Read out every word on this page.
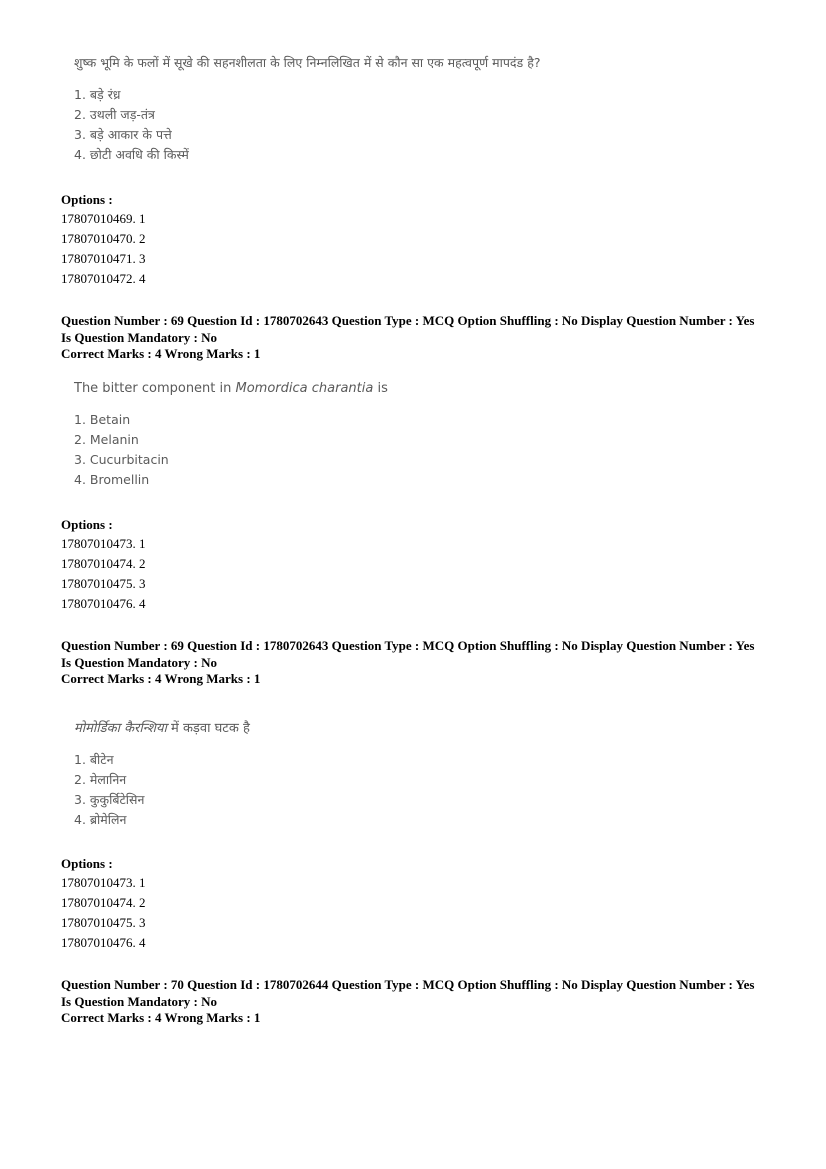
शुष्क भूमि के फलों में सूखे की सहनशीलता के लिए निम्नलिखित में से कौन सा एक महत्वपूर्ण मापदंड है?
1. बड़े रंध्र
2. उथली जड़-तंत्र
3. बड़े आकार के पत्ते
4. छोटी अवधि की किस्में
Options :
17807010469. 1
17807010470. 2
17807010471. 3
17807010472. 4
Question Number : 69 Question Id : 1780702643 Question Type : MCQ Option Shuffling : No Display Question Number : Yes
Is Question Mandatory : No
Correct Marks : 4 Wrong Marks : 1
The bitter component in Momordica charantia is
1. Betain
2. Melanin
3. Cucurbitacin
4. Bromellin
Options :
17807010473. 1
17807010474. 2
17807010475. 3
17807010476. 4
Question Number : 69 Question Id : 1780702643 Question Type : MCQ Option Shuffling : No Display Question Number : Yes
Is Question Mandatory : No
Correct Marks : 4 Wrong Marks : 1
मोमोर्डिका कैरन्शिया में कड़वा घटक है
1. बीटेन
2. मेलानिन
3. कुकुर्बिटेसिन
4. ब्रोमेलिन
Options :
17807010473. 1
17807010474. 2
17807010475. 3
17807010476. 4
Question Number : 70 Question Id : 1780702644 Question Type : MCQ Option Shuffling : No Display Question Number : Yes
Is Question Mandatory : No
Correct Marks : 4 Wrong Marks : 1
